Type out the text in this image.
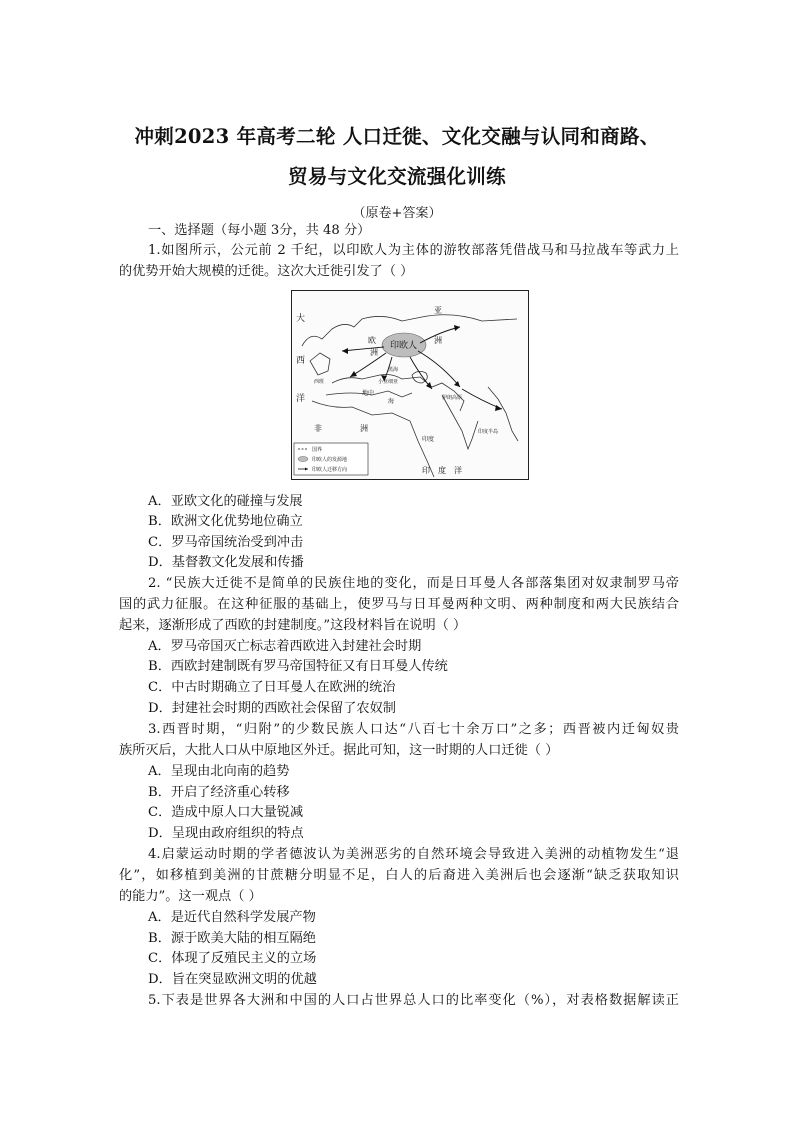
冲刺2023 年高考二轮 人口迁徙、文化交融与认同和商路、
贸易与文化交流强化训练
（原卷+答案）
一、选择题（每小题 3分，共 48 分）
1.如图所示，公元前 2 千纪，以印欧人为主体的游牧部落凭借战马和马拉战车等武力上
的优势开始大规模的迁徙。这次大迁徙引发了（ ）
大
西
洋
欧
印欧人
洲
亚
洲
非	洲
印　度　洋
西班
黑海
小亚细亚
地中
海	伊朗高原
印度半岛
印度
国界
印欧人的发源地
印欧人迁移方向
A．亚欧文化的碰撞与发展
B．欧洲文化优势地位确立
C．罗马帝国统治受到冲击
D．基督教文化发展和传播
2. “民族大迁徙不是简单的民族住地的变化，而是日耳曼人各部落集团对奴隶制罗马帝
国的武力征服。在这种征服的基础上，使罗马与日耳曼两种文明、两种制度和两大民族结合
起来，逐渐形成了西欧的封建制度。”这段材料旨在说明（ ）
A．罗马帝国灭亡标志着西欧进入封建社会时期
B．西欧封建制既有罗马帝国特征又有日耳曼人传统
C．中古时期确立了日耳曼人在欧洲的统治
D．封建社会时期的西欧社会保留了农奴制
3.西晋时期，“归附”的少数民族人口达“八百七十余万口”之多；西晋被内迁匈奴贵
族所灭后，大批人口从中原地区外迁。据此可知，这一时期的人口迁徙（ ）
A．呈现由北向南的趋势
B．开启了经济重心转移
C．造成中原人口大量锐减
D．呈现由政府组织的特点
4.启蒙运动时期的学者德波认为美洲恶劣的自然环境会导致进入美洲的动植物发生“退
化”，如移植到美洲的甘蔗糖分明显不足，白人的后裔进入美洲后也会逐渐“缺乏获取知识
的能力”。这一观点（ ）
A．是近代自然科学发展产物
B．源于欧美大陆的相互隔绝
C．体现了反殖民主义的立场
D．旨在突显欧洲文明的优越
5.下表是世界各大洲和中国的人口占世界总人口的比率变化（%），对表格数据解读正
